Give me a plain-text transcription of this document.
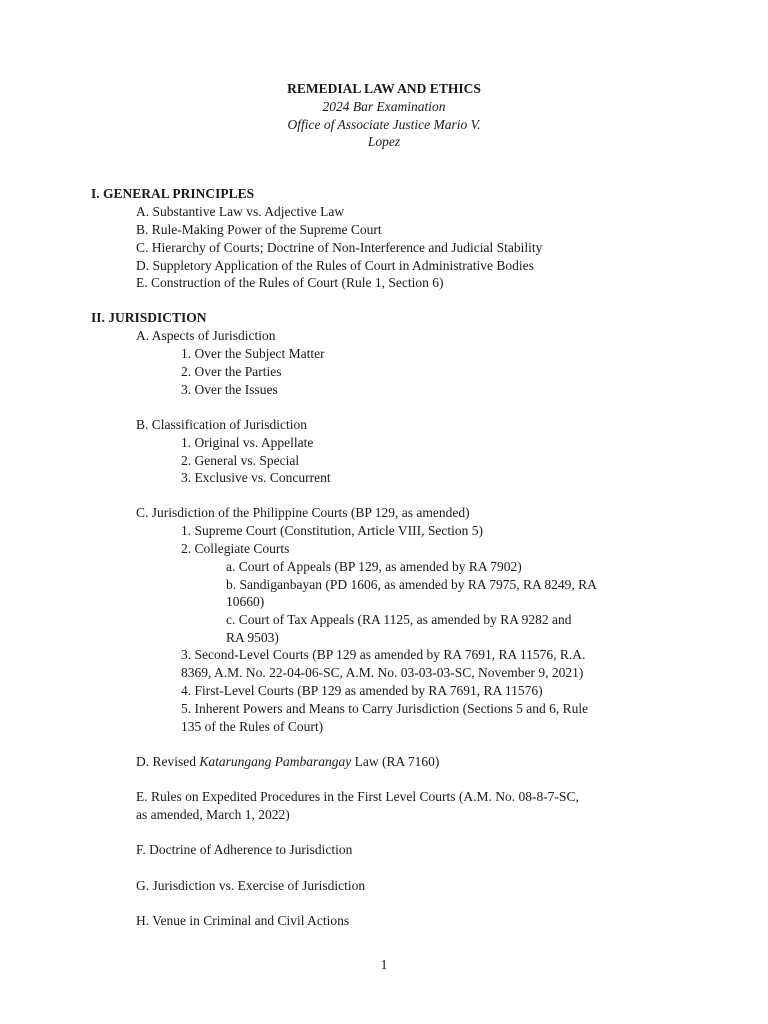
REMEDIAL LAW AND ETHICS
2024 Bar Examination
Office of Associate Justice Mario V.
Lopez
I. GENERAL PRINCIPLES
A. Substantive Law vs. Adjective Law
B. Rule-Making Power of the Supreme Court
C. Hierarchy of Courts; Doctrine of Non-Interference and Judicial Stability
D. Suppletory Application of the Rules of Court in Administrative Bodies
E. Construction of the Rules of Court (Rule 1, Section 6)
II. JURISDICTION
A. Aspects of Jurisdiction
1. Over the Subject Matter
2. Over the Parties
3. Over the Issues
B. Classification of Jurisdiction
1. Original vs. Appellate
2. General vs. Special
3. Exclusive vs. Concurrent
C. Jurisdiction of the Philippine Courts (BP 129, as amended)
1. Supreme Court (Constitution, Article VIII, Section 5)
2. Collegiate Courts
a. Court of Appeals (BP 129, as amended by RA 7902)
b. Sandiganbayan (PD 1606, as amended by RA 7975, RA 8249, RA
10660)
c. Court of Tax Appeals (RA 1125, as amended by RA 9282 and
RA 9503)
3. Second-Level Courts (BP 129 as amended by RA 7691, RA 11576, R.A.
8369, A.M. No. 22-04-06-SC, A.M. No. 03-03-03-SC, November 9, 2021)
4. First-Level Courts (BP 129 as amended by RA 7691, RA 11576)
5. Inherent Powers and Means to Carry Jurisdiction (Sections 5 and 6, Rule
135 of the Rules of Court)
D. Revised Katarungang Pambarangay Law (RA 7160)
E. Rules on Expedited Procedures in the First Level Courts (A.M. No. 08-8-7-SC,
as amended, March 1, 2022)
F. Doctrine of Adherence to Jurisdiction
G. Jurisdiction vs. Exercise of Jurisdiction
H. Venue in Criminal and Civil Actions
1
